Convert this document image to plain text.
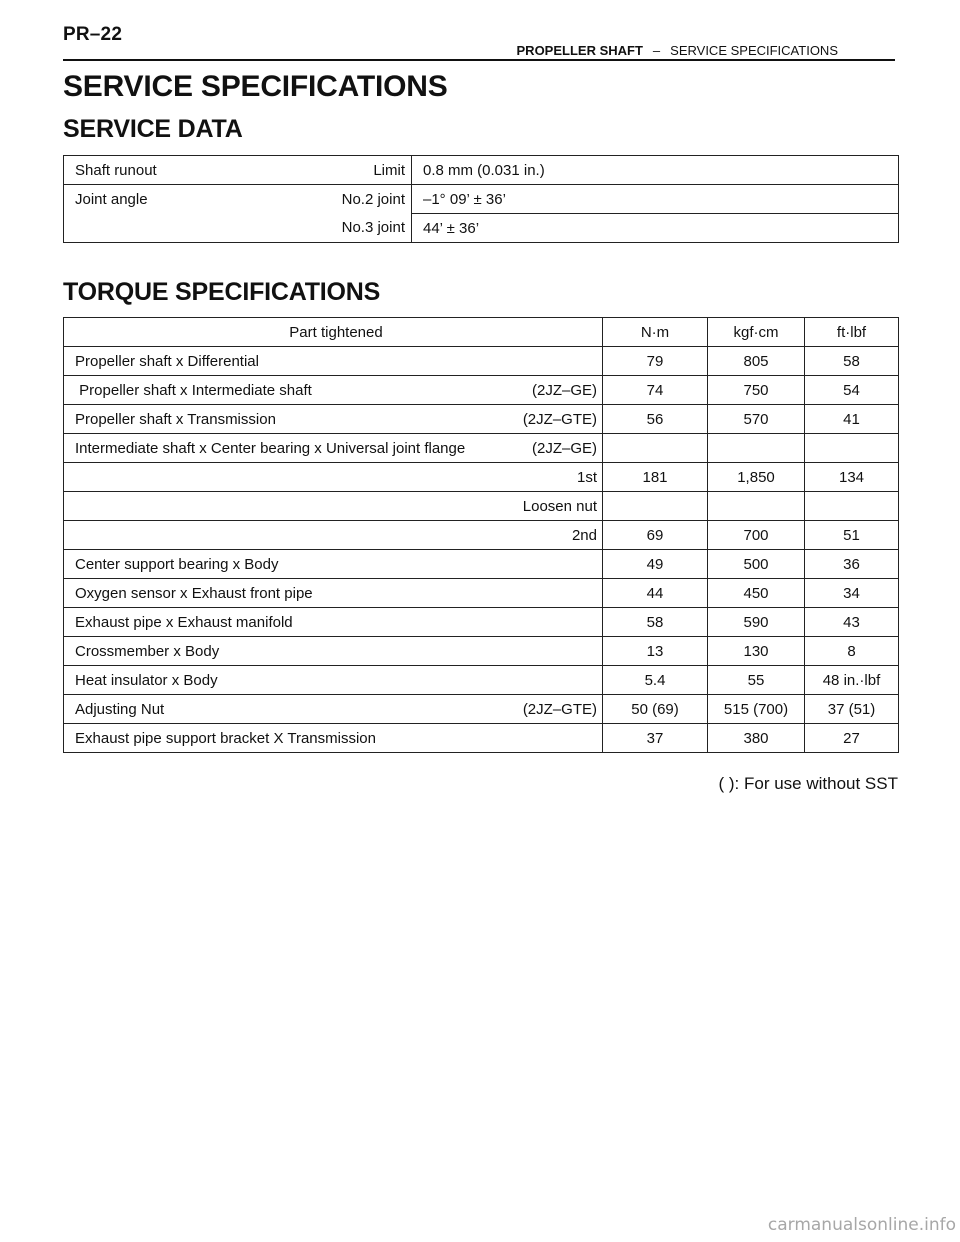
PR–22
PROPELLER SHAFT – SERVICE SPECIFICATIONS
SERVICE SPECIFICATIONS
SERVICE DATA
Shaft runout	Limit	0.8 mm (0.031 in.)
Joint angle	No.2 joint	–1° 09’ ± 36’
	No.3 joint	44’ ± 36’
TORQUE SPECIFICATIONS
Part tightened	N·m	kgf·cm	ft·lbf

Propeller shaft x Differential	79	805	58

Propeller shaft x Intermediate shaft (2JZ–GE)	74	750	54

Propeller shaft x Transmission (2JZ–GTE)	56	570	41

Intermediate shaft x Center bearing x Universal joint flange (2JZ–GE)			

1st	181	1,850	134

Loosen nut			

2nd	69	700	51

Center support bearing x Body	49	500	36

Oxygen sensor x Exhaust front pipe	44	450	34

Exhaust pipe x Exhaust manifold	58	590	43

Crossmember x Body	13	130	8

Heat insulator x Body	5.4	55	48 in.·lbf

Adjusting Nut (2JZ–GTE)	50 (69)	515 (700)	37 (51)

Exhaust pipe support bracket X Transmission	37	380	27
( ): For use without SST
carmanualsonline.info
